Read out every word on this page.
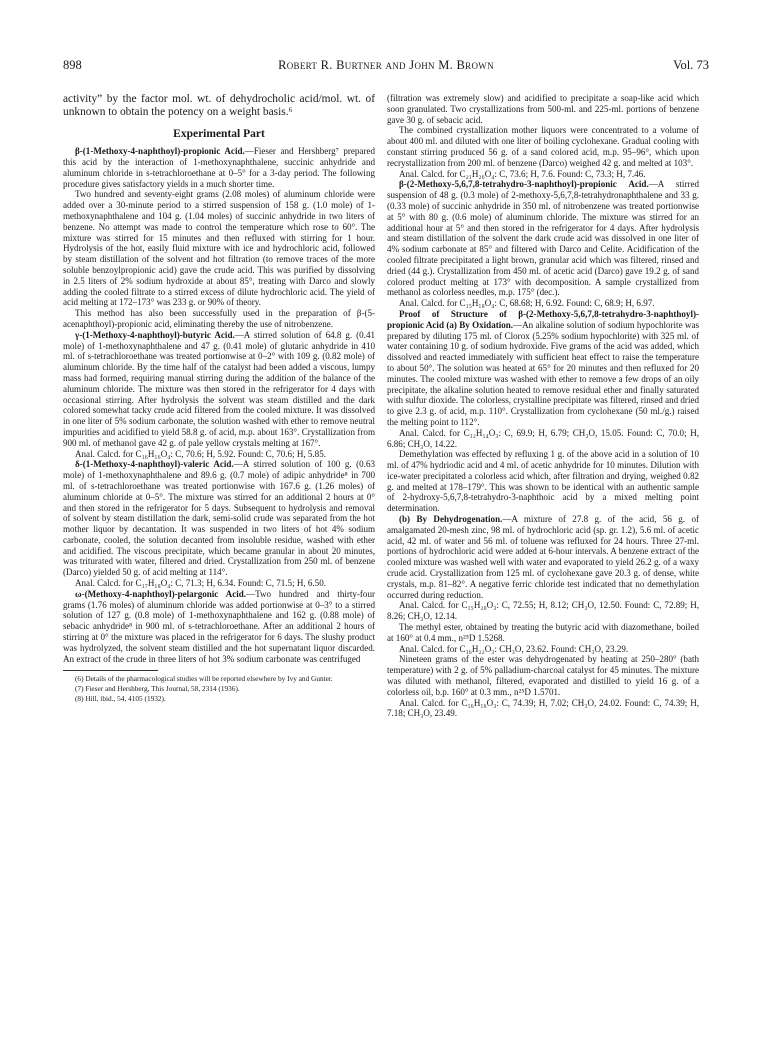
898	Robert R. Burtner and John M. Brown	Vol. 73

activity” by the factor mol. wt. of dehydrocholic acid/mol. wt. of unknown to obtain the potency on a weight basis.⁶

Experimental Part

β-(1-Methoxy-4-naphthoyl)-propionic Acid.—Fieser and Hershberg⁷ prepared this acid by the interaction of 1-methoxynaphthalene, succinic anhydride and aluminum chloride in s-tetrachloroethane at 0–5° for a 3-day period. The following procedure gives satisfactory yields in a much shorter time.

Two hundred and seventy-eight grams (2.08 moles) of aluminum chloride were added over a 30-minute period to a stirred suspension of 158 g. (1.0 mole) of 1-methoxynaphthalene and 104 g. (1.04 moles) of succinic anhydride in two liters of benzene. No attempt was made to control the temperature which rose to 60°. The mixture was stirred for 15 minutes and then refluxed with stirring for 1 hour. Hydrolysis of the hot, easily fluid mixture with ice and hydrochloric acid, followed by steam distillation of the solvent and hot filtration (to remove traces of the more soluble benzoylpropionic acid) gave the crude acid. This was purified by dissolving in 2.5 liters of 2% sodium hydroxide at about 85°, treating with Darco and slowly adding the cooled filtrate to a stirred excess of dilute hydrochloric acid. The yield of acid melting at 172–173° was 233 g. or 90% of theory.

This method has also been successfully used in the preparation of β-(5-acenaphthoyl)-propionic acid, eliminating thereby the use of nitrobenzene.

γ-(1-Methoxy-4-naphthoyl)-butyric Acid.—A stirred solution of 64.8 g. (0.41 mole) of 1-methoxynaphthalene and 47 g. (0.41 mole) of glutaric anhydride in 410 ml. of s-tetrachloroethane was treated portionwise at 0–2° with 109 g. (0.82 mole) of aluminum chloride. By the time half of the catalyst had been added a viscous, lumpy mass had formed, requiring manual stirring during the addition of the balance of the aluminum chloride. The mixture was then stored in the refrigerator for 4 days with occasional stirring. After hydrolysis the solvent was steam distilled and the dark colored somewhat tacky crude acid filtered from the cooled mixture. It was dissolved in one liter of 5% sodium carbonate, the solution washed with ether to remove neutral impurities and acidified to yield 58.8 g. of acid, m.p. about 163°. Crystallization from 900 ml. of methanol gave 42 g. of pale yellow crystals melting at 167°.

Anal. Calcd. for C₁₆H₁₆O₄: C, 70.6; H, 5.92. Found: C, 70.6; H, 5.85.

δ-(1-Methoxy-4-naphthoyl)-valeric Acid.—A stirred solution of 100 g. (0.63 mole) of 1-methoxynaphthalene and 89.6 g. (0.7 mole) of adipic anhydride⁸ in 700 ml. of s-tetrachloroethane was treated portionwise with 167.6 g. (1.26 moles) of aluminum chloride at 0–5°. The mixture was stirred for an additional 2 hours at 0° and then stored in the refrigerator for 5 days. Subsequent to hydrolysis and removal of solvent by steam distillation the dark, semi-solid crude was separated from the hot mother liquor by decantation. It was suspended in two liters of hot 4% sodium carbonate, cooled, the solution decanted from insoluble residue, washed with ether and acidified. The viscous precipitate, which became granular in about 20 minutes, was triturated with water, filtered and dried. Crystallization from 250 ml. of benzene (Darco) yielded 50 g. of acid melting at 114°.

Anal. Calcd. for C₁₇H₁₈O₄: C, 71.3; H, 6.34. Found: C, 71.5; H, 6.50.

ω-(Methoxy-4-naphthoyl)-pelargonic Acid.—Two hundred and thirty-four grams (1.76 moles) of aluminum chloride was added portionwise at 0–3° to a stirred solution of 127 g. (0.8 mole) of 1-methoxynaphthalene and 162 g. (0.88 mole) of sebacic anhydride⁸ in 900 ml. of s-tetrachloroethane. After an additional 2 hours of stirring at 0° the mixture was placed in the refrigerator for 6 days. The slushy product was hydrolyzed, the solvent steam distilled and the hot supernatant liquor discarded. An extract of the crude in three liters of hot 3% sodium carbonate was centrifuged

(6) Details of the pharmacological studies will be reported elsewhere by Ivy and Gunter.

(7) Fieser and Hershberg, This Journal, 58, 2314 (1936).

(8) Hill, ibid., 54, 4105 (1932).

(filtration was extremely slow) and acidified to precipitate a soap-like acid which soon granulated. Two crystallizations from 500-ml. and 225-ml. portions of benzene gave 30 g. of sebacic acid.

The combined crystallization mother liquors were concentrated to a volume of about 400 ml. and diluted with one liter of boiling cyclohexane. Gradual cooling with constant stirring produced 56 g. of a sand colored acid, m.p. 95–96°, which upon recrystallization from 200 ml. of benzene (Darco) weighed 42 g. and melted at 103°.

Anal. Calcd. for C₂₁H₂₆O₄: C, 73.6; H, 7.6. Found: C, 73.3; H, 7.46.

β-(2-Methoxy-5,6,7,8-tetrahydro-3-naphthoyl)-propionic Acid.—A stirred suspension of 48 g. (0.3 mole) of 2-methoxy-5,6,7,8-tetrahydronaphthalene and 33 g. (0.33 mole) of succinic anhydride in 350 ml. of nitrobenzene was treated portionwise at 5° with 80 g. (0.6 mole) of aluminum chloride. The mixture was stirred for an additional hour at 5° and then stored in the refrigerator for 4 days. After hydrolysis and steam distillation of the solvent the dark crude acid was dissolved in one liter of 4% sodium carbonate at 85° and filtered with Darco and Celite. Acidification of the cooled filtrate precipitated a light brown, granular acid which was filtered, rinsed and dried (44 g.). Crystallization from 450 ml. of acetic acid (Darco) gave 19.2 g. of sand colored product melting at 173° with decomposition. A sample crystallized from methanol as colorless needles, m.p. 175° (dec.).

Anal. Calcd. for C₁₅H₁₈O₄: C, 68.68; H, 6.92. Found: C, 68.9; H, 6.97.

Proof of Structure of β-(2-Methoxy-5,6,7,8-tetrahydro-3-naphthoyl)-propionic Acid (a) By Oxidation.—An alkaline solution of sodium hypochlorite was prepared by diluting 175 ml. of Clorox (5.25% sodium hypochlorite) with 325 ml. of water containing 10 g. of sodium hydroxide. Five grams of the acid was added, which dissolved and reacted immediately with sufficient heat effect to raise the temperature to about 50°. The solution was heated at 65° for 20 minutes and then refluxed for 20 minutes. The cooled mixture was washed with ether to remove a few drops of an oily precipitate, the alkaline solution heated to remove residual ether and finally saturated with sulfur dioxide. The colorless, crystalline precipitate was filtered, rinsed and dried to give 2.3 g. of acid, m.p. 110°. Crystallization from cyclohexane (50 ml./g.) raised the melting point to 112°.

Anal. Calcd. for C₁₂H₁₄O₃: C, 69.9; H, 6.79; CH₃O, 15.05. Found: C, 70.0; H, 6.86; CH₃O, 14.22.

Demethylation was effected by refluxing 1 g. of the above acid in a solution of 10 ml. of 47% hydriodic acid and 4 ml. of acetic anhydride for 10 minutes. Dilution with ice-water precipitated a colorless acid which, after filtration and drying, weighed 0.82 g. and melted at 178–179°. This was shown to be identical with an authentic sample of 2-hydroxy-5,6,7,8-tetrahydro-3-naphthoic acid by a mixed melting point determination.

(b) By Dehydrogenation.—A mixture of 27.8 g. of the acid, 56 g. of amalgamated 20-mesh zinc, 98 ml. of hydrochloric acid (sp. gr. 1.2), 5.6 ml. of acetic acid, 42 ml. of water and 56 ml. of toluene was refluxed for 24 hours. Three 27-ml. portions of hydrochloric acid were added at 6-hour intervals. A benzene extract of the cooled mixture was washed well with water and evaporated to yield 26.2 g. of a waxy crude acid. Crystallization from 125 ml. of cyclohexane gave 20.3 g. of dense, white crystals, m.p. 81–82°. A negative ferric chloride test indicated that no demethylation occurred during reduction.

Anal. Calcd. for C₁₅H₂₀O₃: C, 72.55; H, 8.12; CH₃O, 12.50. Found: C, 72.89; H, 8.26; CH₃O, 12.14.

The methyl ester, obtained by treating the butyric acid with diazomethane, boiled at 160° at 0.4 mm., n²⁵D 1.5268.

Anal. Calcd. for C₁₆H₂₂O₃: CH₃O, 23.62. Found: CH₃O, 23.29.

Nineteen grams of the ester was dehydrogenated by heating at 250–280° (bath temperature) with 2 g. of 5% palladium-charcoal catalyst for 45 minutes. The mixture was diluted with methanol, filtered, evaporated and distilled to yield 16 g. of a colorless oil, b.p. 160° at 0.3 mm., n²⁵D 1.5701.

Anal. Calcd. for C₁₆H₁₆O₃: C, 74.39; H, 7.02; CH₃O, 24.02. Found: C, 74.39; H, 7.18; CH₃O, 23.49.
